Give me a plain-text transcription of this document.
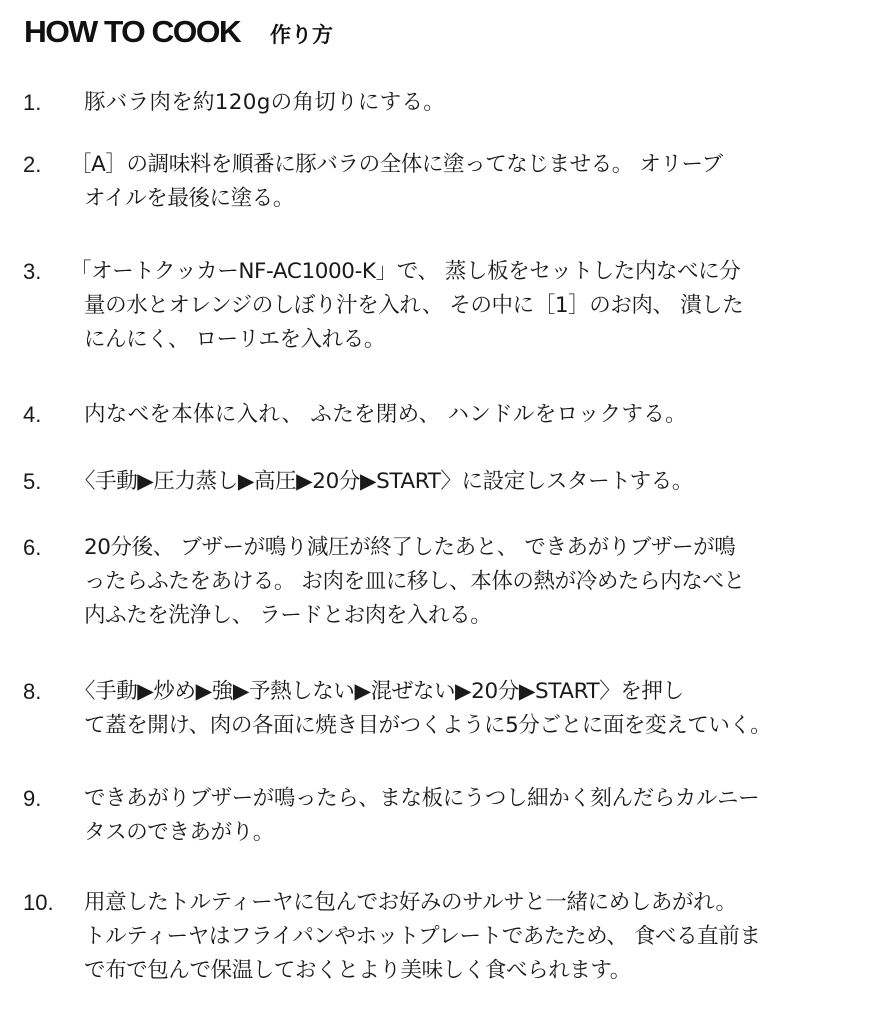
HOW TO COOK 作り方
1. 豚バラ肉を約120gの角切りにする。
2. ［A］の調味料を順番に豚バラの全体に塗ってなじませる。 オリーブ
オイルを最後に塗る。
3. 「オートクッカーNF-AC1000-K」で、 蒸し板をセットした内なべに分
量の水とオレンジのしぼり汁を入れ、 その中に［1］のお肉、 潰した
にんにく、 ローリエを入れる。
4. 内なべを本体に入れ、 ふたを閉め、 ハンドルをロックする。
5. 〈手動▶圧力蒸し▶高圧▶20分▶START〉に設定しスタートする。
6. 20分後、 ブザーが鳴り減圧が終了したあと、 できあがりブザーが鳴
ったらふたをあける。 お肉を皿に移し、本体の熱が冷めたら内なべと
内ふたを洗浄し、 ラードとお肉を入れる。
8. 〈手動▶炒め▶強▶予熱しない▶混ぜない▶20分▶START〉を押し
て蓋を開け、肉の各面に焼き目がつくように5分ごとに面を変えていく。
9. できあがりブザーが鳴ったら、まな板にうつし細かく刻んだらカルニー
タスのできあがり。
10. 用意したトルティーヤに包んでお好みのサルサと一緒にめしあがれ。
トルティーヤはフライパンやホットプレートであたため、 食べる直前ま
で布で包んで保温しておくとより美味しく食べられます。
